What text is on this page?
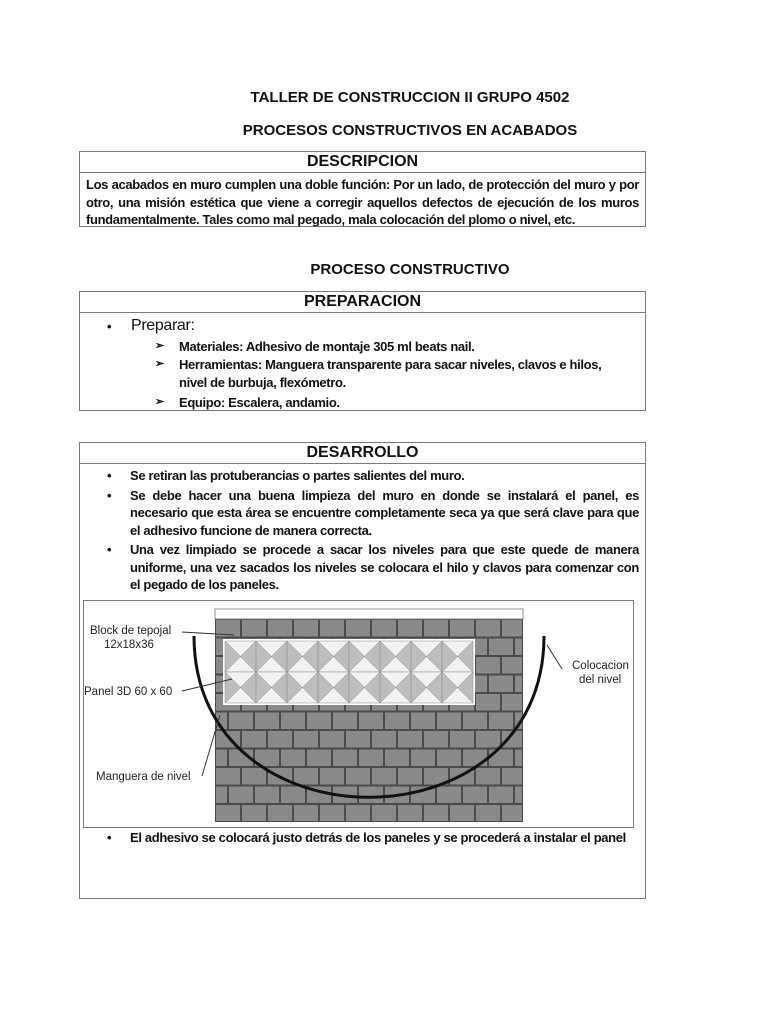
TALLER DE CONSTRUCCION II GRUPO 4502
PROCESOS CONSTRUCTIVOS EN ACABADOS
DESCRIPCION
Los acabados en muro cumplen una doble función: Por un lado, de protección del muro y por otro, una misión estética que viene a corregir aquellos defectos de ejecución de los muros fundamentalmente. Tales como mal pegado, mala colocación del plomo o nivel, etc.
PROCESO CONSTRUCTIVO
PREPARACION
• Preparar:
➢ Materiales: Adhesivo de montaje 305 ml beats nail.
➢ Herramientas: Manguera transparente para sacar niveles, clavos e hilos,
nivel de burbuja, flexómetro.
➢ Equipo: Escalera, andamio.
DESARROLLO
• Se retiran las protuberancias o partes salientes del muro.
• Se debe hacer una buena limpieza del muro en donde se instalará el panel, es necesario que esta área se encuentre completamente seca ya que será clave para que el adhesivo funcione de manera correcta.
• Una vez limpiado se procede a sacar los niveles para que este quede de manera uniforme, una vez sacados los niveles se colocara el hilo y clavos para comenzar con el pegado de los paneles.
Block de tepojal
12x18x36
Panel 3D 60 x 60
Manguera de nivel
Colocacion
del nivel
• El adhesivo se colocará justo detrás de los paneles y se procederá a instalar el panel
